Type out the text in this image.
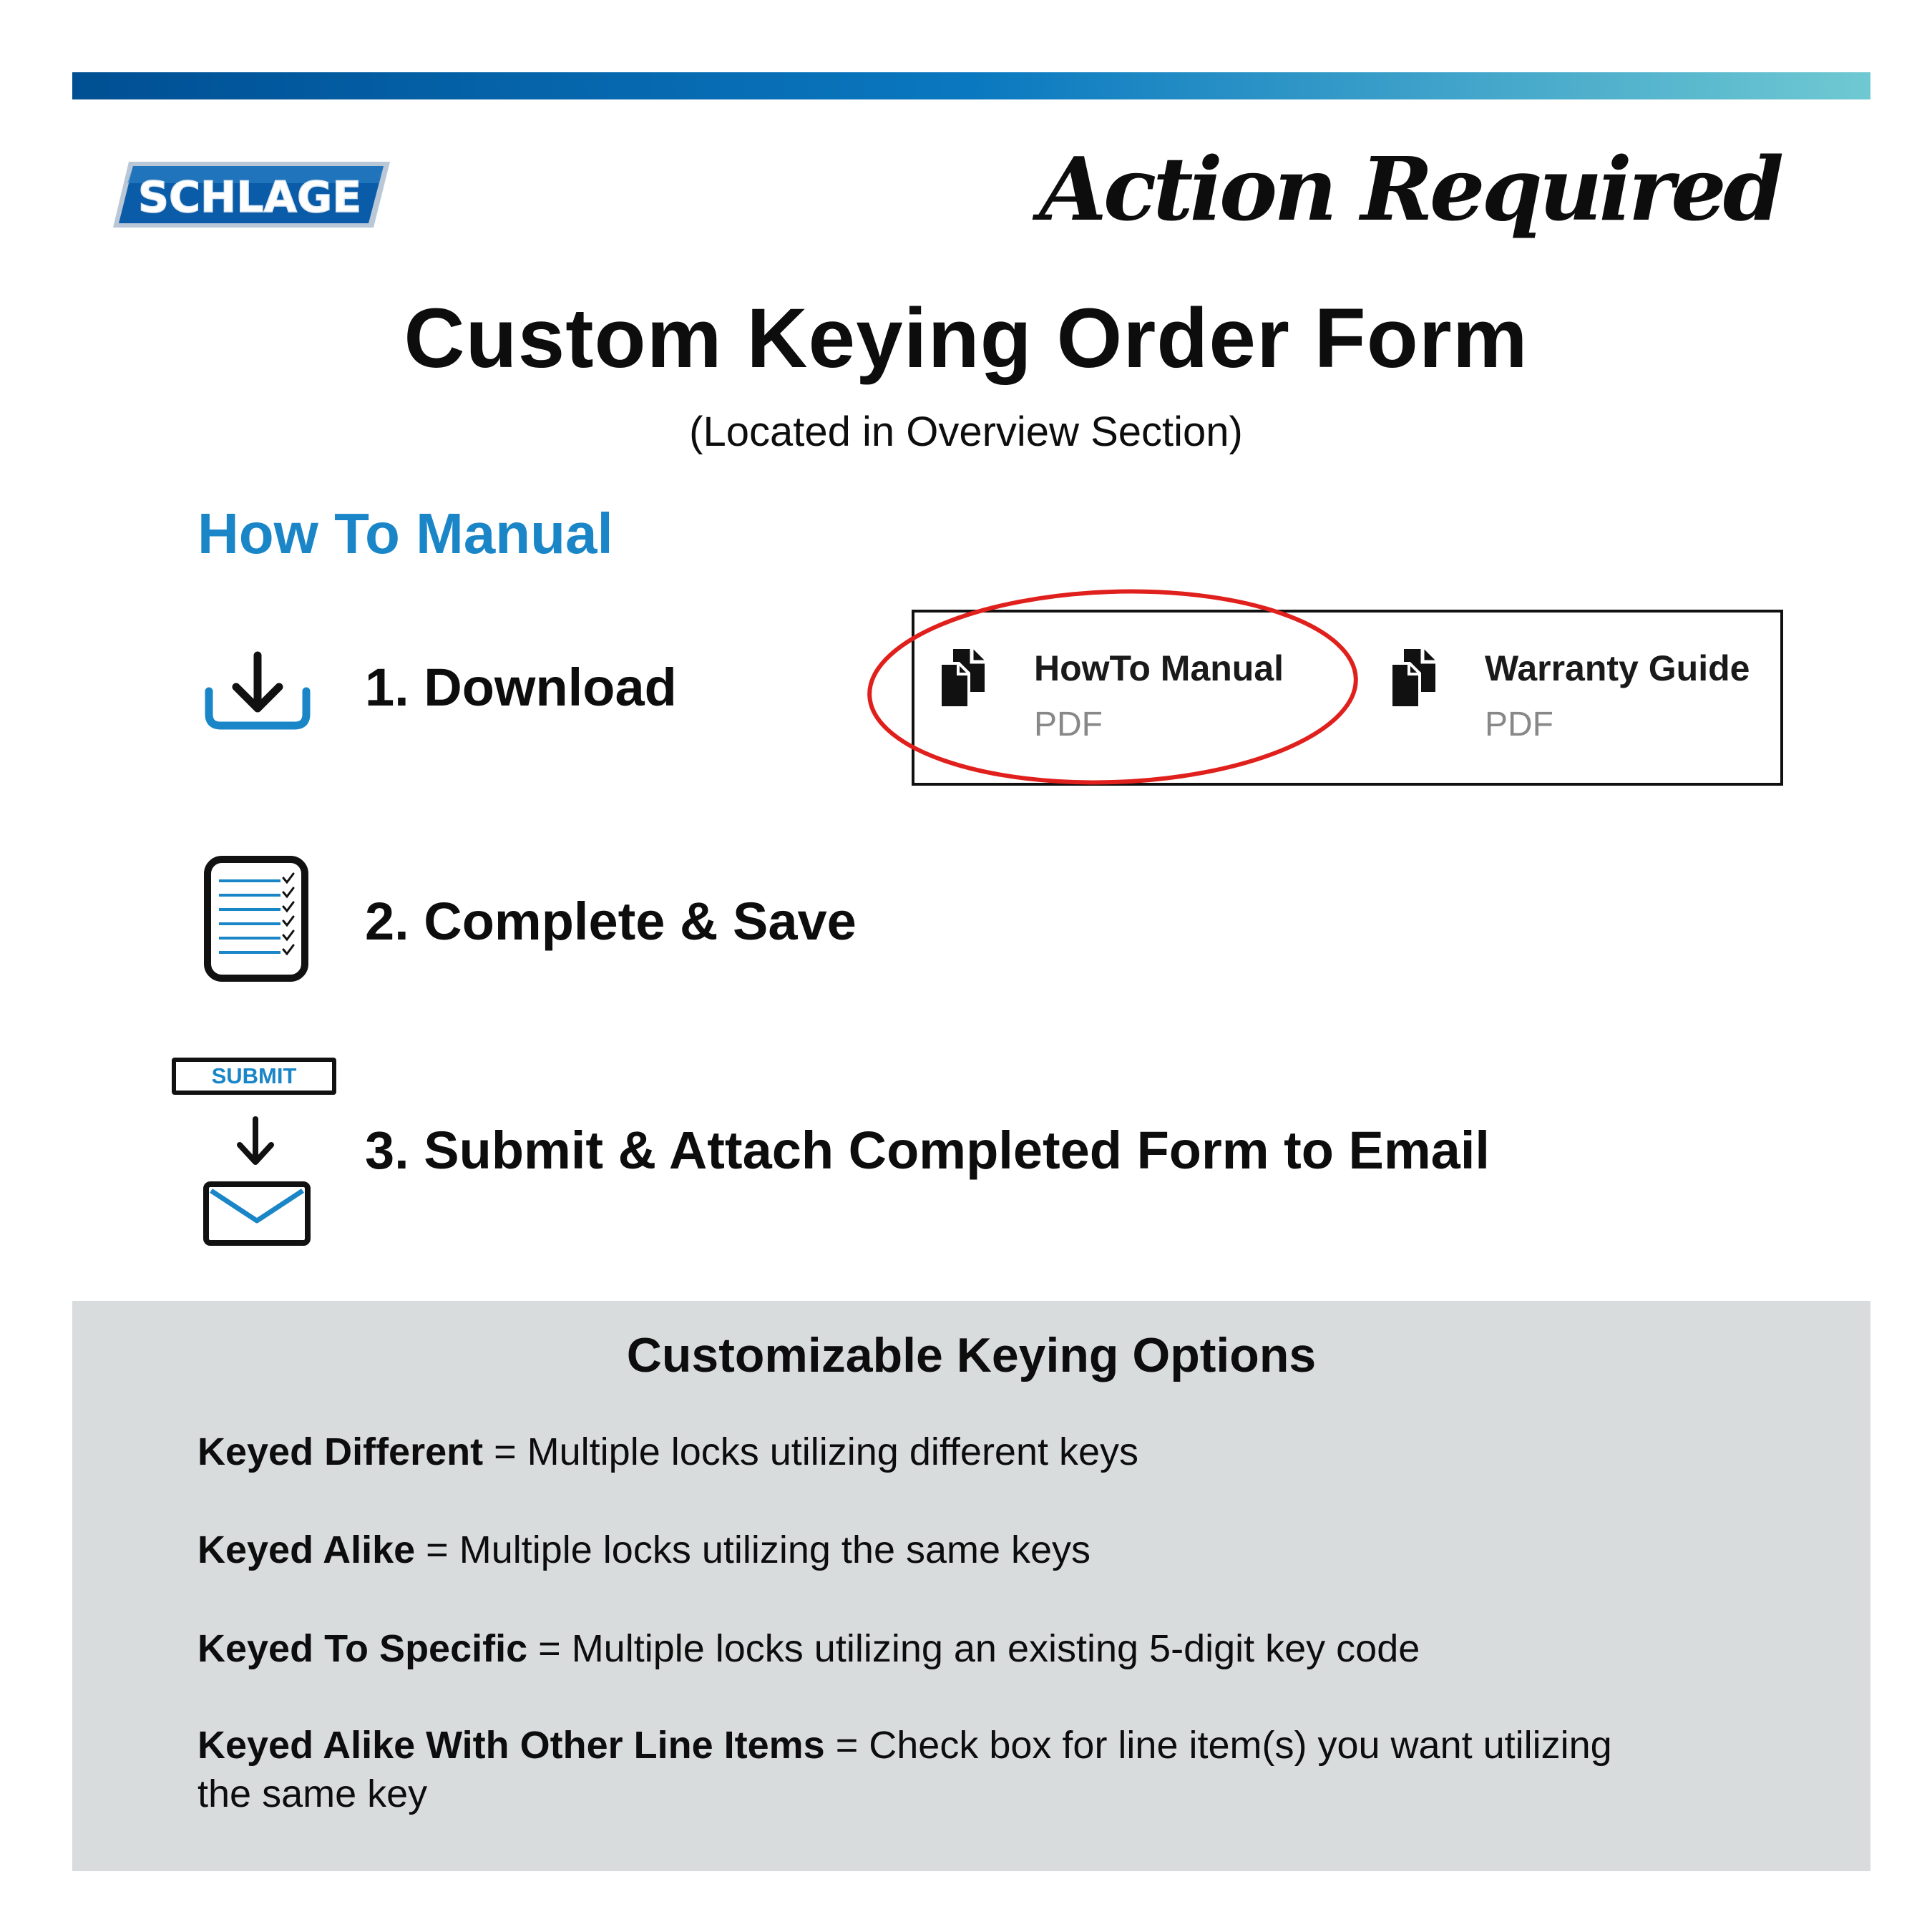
SCHLAGE	Action Required
Custom Keying Order Form
(Located in Overview Section)
How To Manual
1. Download	HowTo Manual
PDF
Warranty Guide
PDF
2. Complete & Save
SUBMIT
3. Submit & Attach Completed Form to Email
Customizable Keying Options
Keyed Different = Multiple locks utilizing different keys
Keyed Alike = Multiple locks utilizing the same keys
Keyed To Specific = Multiple locks utilizing an existing 5-digit key code
Keyed Alike With Other Line Items = Check box for line item(s) you want utilizing the same key
